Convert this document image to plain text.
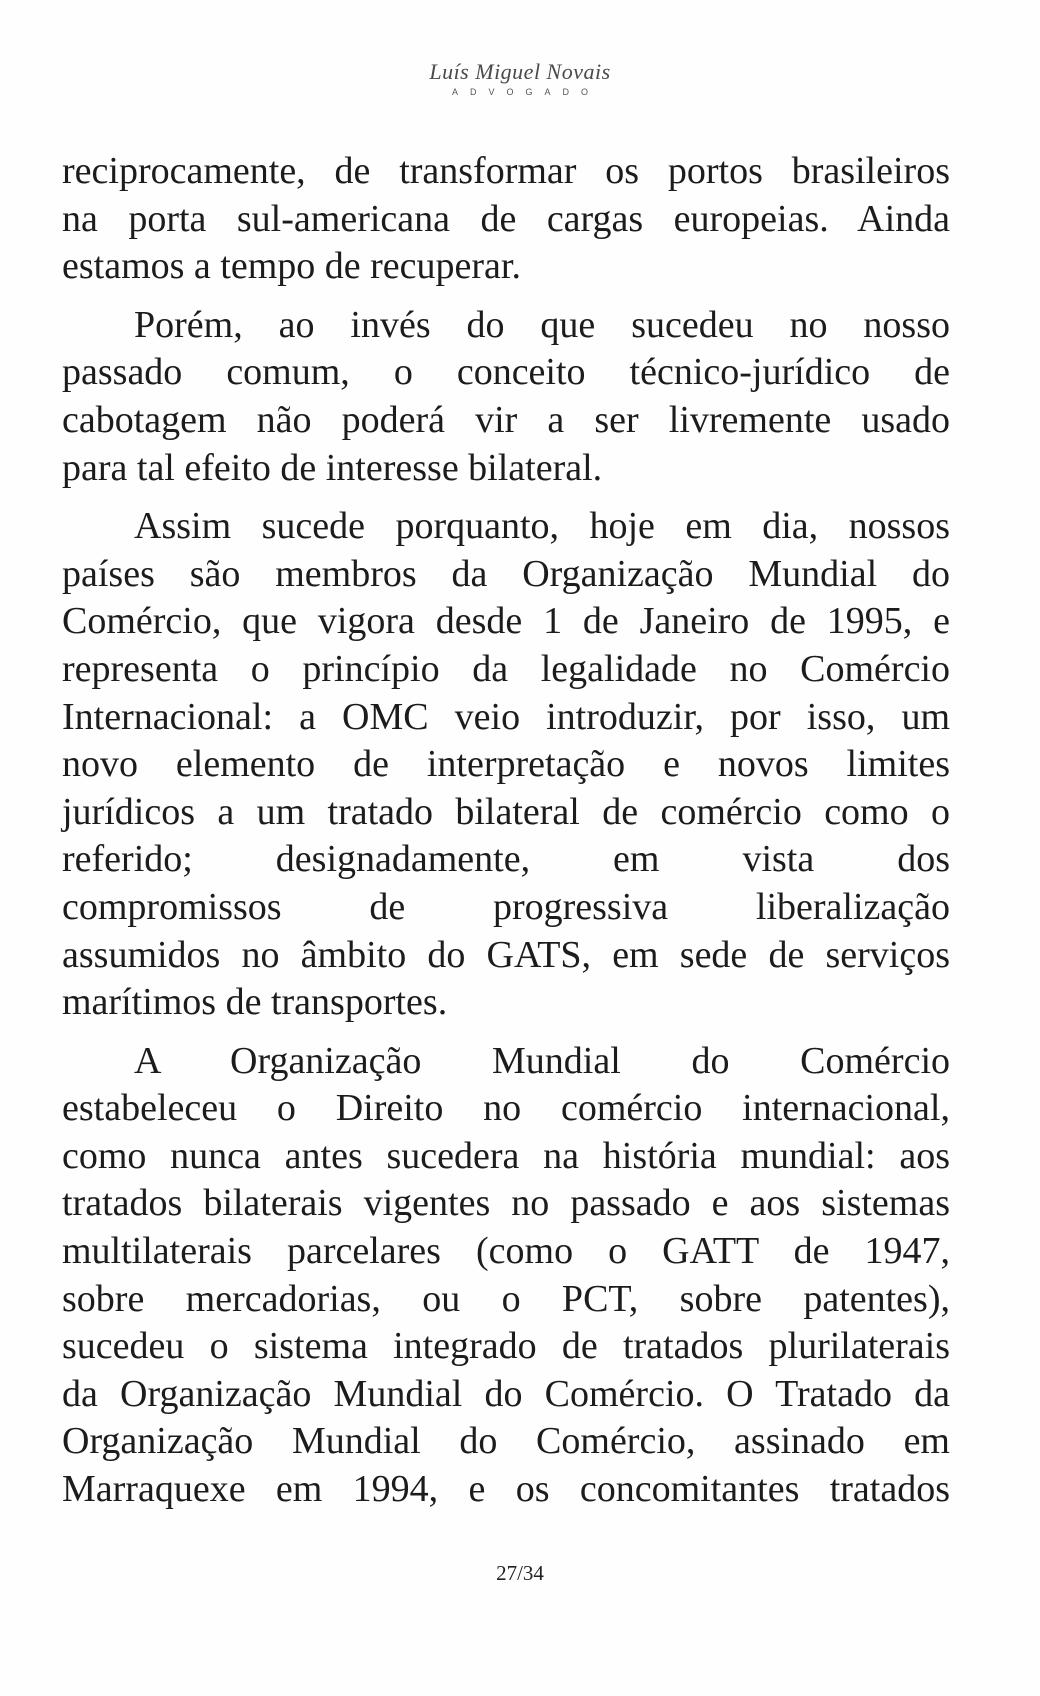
Luís Miguel Novais
ADVOGADO
reciprocamente, de transformar os portos brasileiros
na porta sul-americana de cargas europeias. Ainda
estamos a tempo de recuperar.
Porém, ao invés do que sucedeu no nosso
passado comum, o conceito técnico-jurídico de
cabotagem não poderá vir a ser livremente usado
para tal efeito de interesse bilateral.
Assim sucede porquanto, hoje em dia, nossos
países são membros da Organização Mundial do
Comércio, que vigora desde 1 de Janeiro de 1995, e
representa o princípio da legalidade no Comércio
Internacional: a OMC veio introduzir, por isso, um
novo elemento de interpretação e novos limites
jurídicos a um tratado bilateral de comércio como o
referido; designadamente, em vista dos
compromissos de progressiva liberalização
assumidos no âmbito do GATS, em sede de serviços
marítimos de transportes.
A Organização Mundial do Comércio
estabeleceu o Direito no comércio internacional,
como nunca antes sucedera na história mundial: aos
tratados bilaterais vigentes no passado e aos sistemas
multilaterais parcelares (como o GATT de 1947,
sobre mercadorias, ou o PCT, sobre patentes),
sucedeu o sistema integrado de tratados plurilaterais
da Organização Mundial do Comércio. O Tratado da
Organização Mundial do Comércio, assinado em
Marraquexe em 1994, e os concomitantes tratados
27/34
